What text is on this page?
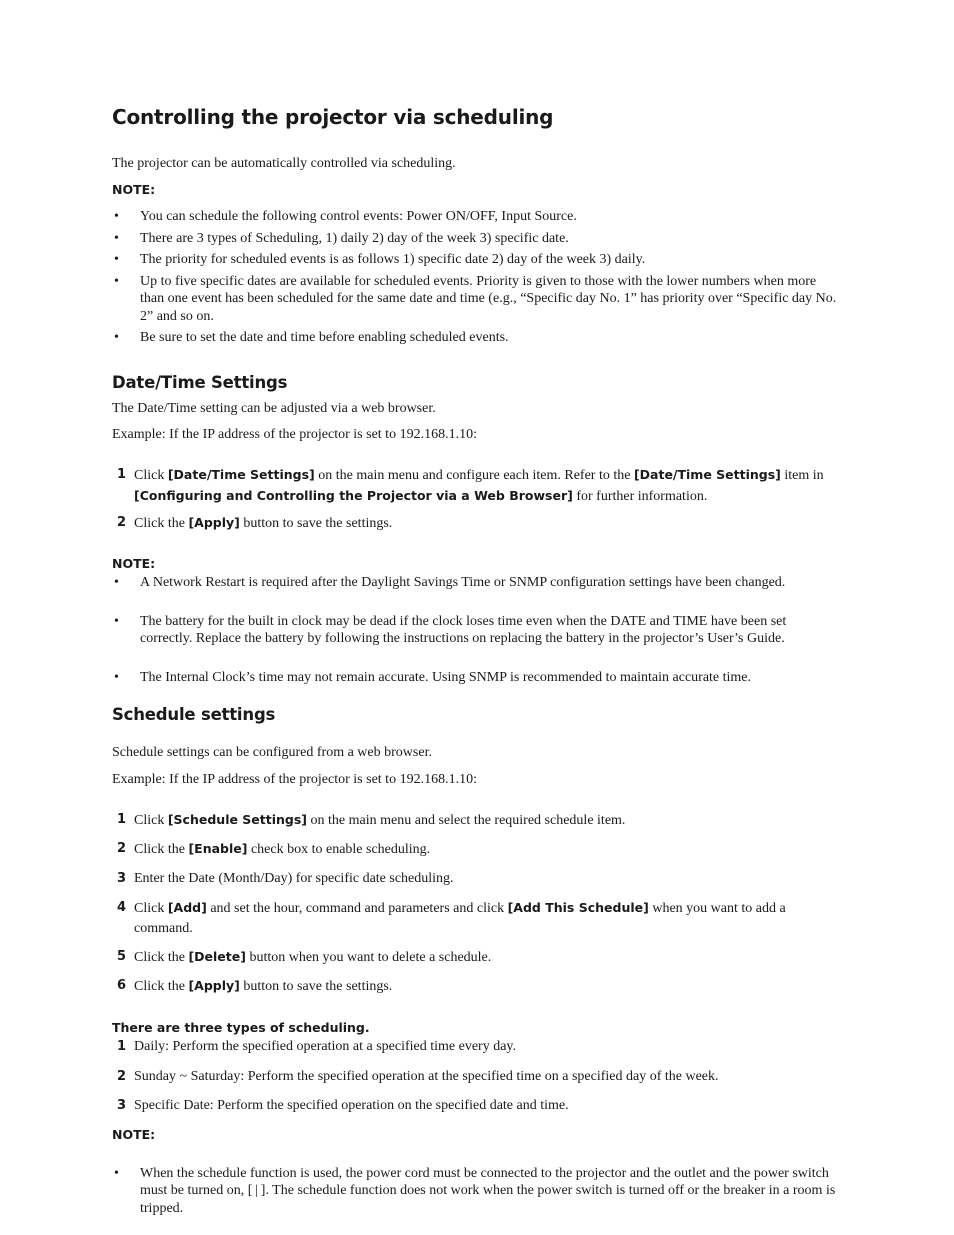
Controlling the projector via scheduling

The projector can be automatically controlled via scheduling.

NOTE:

• You can schedule the following control events: Power ON/OFF, Input Source.
• There are 3 types of Scheduling, 1) daily 2) day of the week 3) specific date.
• The priority for scheduled events is as follows 1) specific date 2) day of the week 3) daily.
• Up to five specific dates are available for scheduled events. Priority is given to those with the lower numbers when more than one event has been scheduled for the same date and time (e.g., “Specific day No. 1” has priority over “Specific day No. 2” and so on.
• Be sure to set the date and time before enabling scheduled events.
Date/Time Settings

The Date/Time setting can be adjusted via a web browser.

Example: If the IP address of the projector is set to 192.168.1.10:

1 Click [Date/Time Settings] on the main menu and configure each item. Refer to the [Date/Time Settings] item in [Configuring and Controlling the Projector via a Web Browser] for further information.
2 Click the [Apply] button to save the settings.

NOTE:

• A Network Restart is required after the Daylight Savings Time or SNMP configuration settings have been changed.
• The battery for the built in clock may be dead if the clock loses time even when the DATE and TIME have been set correctly. Replace the battery by following the instructions on replacing the battery in the projector’s User’s Guide.
• The Internal Clock’s time may not remain accurate. Using SNMP is recommended to maintain accurate time.
Schedule settings

Schedule settings can be configured from a web browser.

Example: If the IP address of the projector is set to 192.168.1.10:

1 Click [Schedule Settings] on the main menu and select the required schedule item.
2 Click the [Enable] check box to enable scheduling.
3 Enter the Date (Month/Day) for specific date scheduling.
4 Click [Add] and set the hour, command and parameters and click [Add This Schedule] when you want to add a command.
5 Click the [Delete] button when you want to delete a schedule.
6 Click the [Apply] button to save the settings.

There are three types of scheduling.

1 Daily: Perform the specified operation at a specified time every day.
2 Sunday ~ Saturday: Perform the specified operation at the specified time on a specified day of the week.
3 Specific Date: Perform the specified operation on the specified date and time.

NOTE:

• When the schedule function is used, the power cord must be connected to the projector and the outlet and the power switch must be turned on, [ | ]. The schedule function does not work when the power switch is turned off or the breaker in a room is tripped.
